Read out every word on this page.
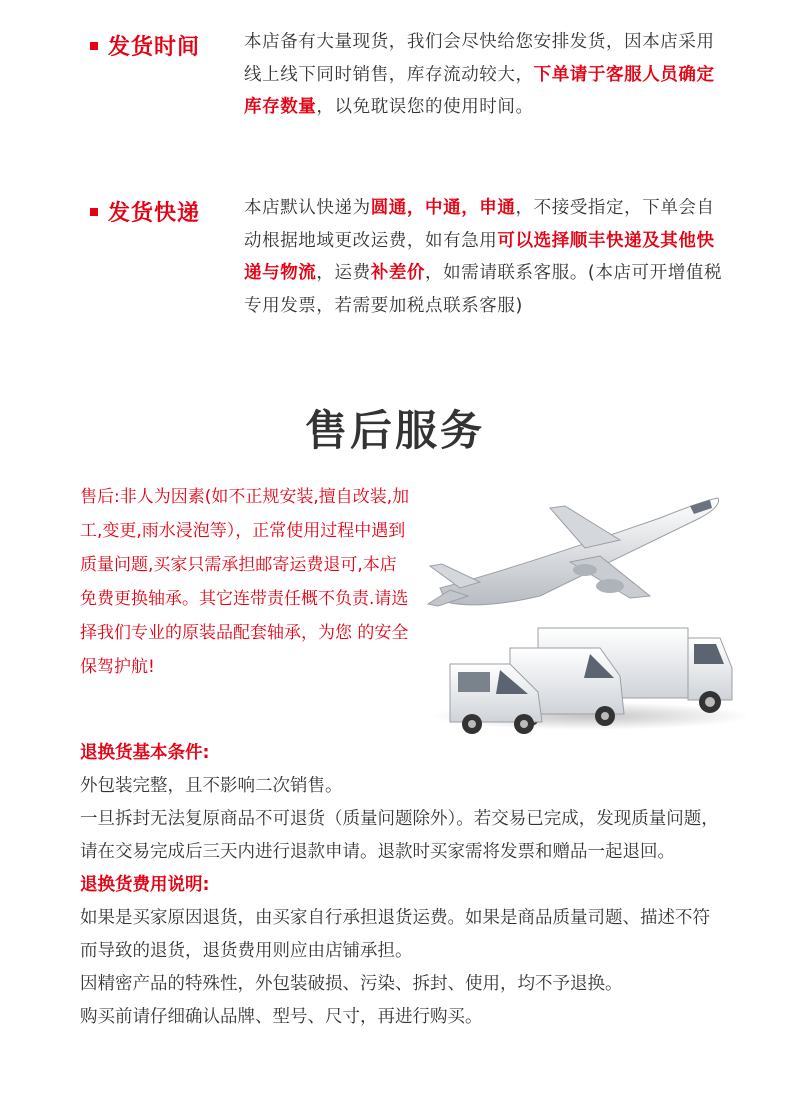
发货时间	本店备有大量现货，我们会尽快给您安排发货，因本店采用线上线下同时销售，库存流动较大，下单请于客服人员确定库存数量，以免耽误您的使用时间。
发货快递	本店默认快递为圆通，中通，申通，不接受指定，下单会自动根据地域更改运费，如有急用可以选择顺丰快递及其他快递与物流，运费补差价，如需请联系客服。(本店可开增值税专用发票，若需要加税点联系客服)
售后服务
售后:非人为因素(如不正规安装,擅自改装,加工,变更,雨水浸泡等），正常使用过程中遇到质量问题,买家只需承担邮寄运费退可,本店免费更换轴承。其它连带责任概不负责.请选择我们专业的原装品配套轴承，为您 的安全保驾护航!
退换货基本条件:
外包装完整，且不影响二次销售。
一旦拆封无法复原商品不可退货（质量问题除外）。若交易已完成，发现质量问题，请在交易完成后三天内进行退款申请。退款时买家需将发票和赠品一起退回。
退换货费用说明:
如果是买家原因退货，由买家自行承担退货运费。如果是商品质量司题、描述不符而导致的退货，退货费用则应由店铺承担。
因精密产品的特殊性，外包装破损、污染、拆封、使用，均不予退换。
购买前请仔细确认品牌、型号、尺寸，再进行购买。
